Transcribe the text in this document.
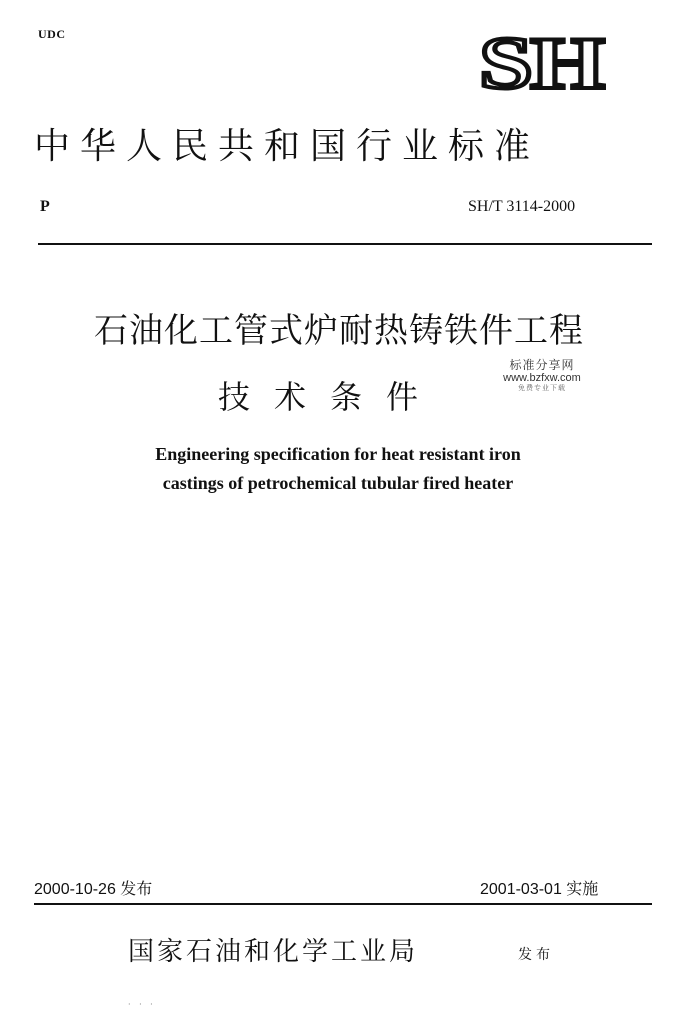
UDC	SH
中华人民共和国行业标准
P	SH/T 3114-2000
石油化工管式炉耐热铸铁件工程
技术条件
标准分享网
www.bzfxw.com
免费专业下载
Engineering specification for heat resistant iron
castings of petrochemical tubular fired heater
2000-10-26 发布	2001-03-01 实施
国家石油和化学工业局	发布
· · ·
